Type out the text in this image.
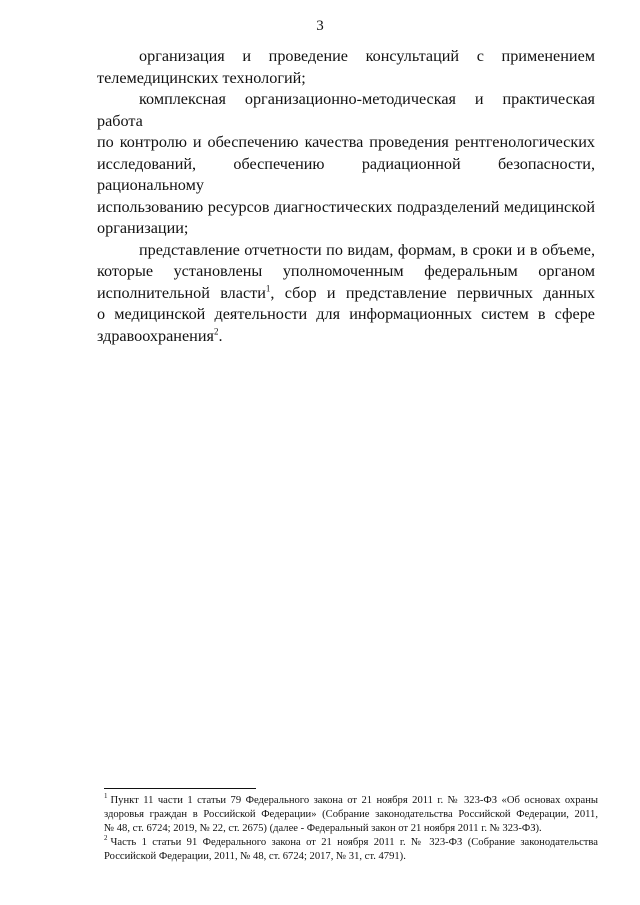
3
организация и проведение консультаций с применением
телемедицинских технологий;
комплексная организационно-методическая и практическая работа
по контролю и обеспечению качества проведения рентгенологических
исследований, обеспечению радиационной безопасности, рациональному
использованию ресурсов диагностических подразделений медицинской
организации;
представление отчетности по видам, формам, в сроки и в объеме,
которые установлены уполномоченным федеральным органом
исполнительной власти$^1$, сбор и представление первичных данных
о медицинской деятельности для информационных систем в сфере
здравоохранения$^2$.
$^1$ Пункт 11 части 1 статьи 79 Федерального закона от 21 ноября 2011 г. № 323-ФЗ «Об основах охраны
здоровья граждан в Российской Федерации» (Собрание законодательства Российской Федерации, 2011,
№ 48, ст. 6724; 2019, № 22, ст. 2675) (далее - Федеральный закон от 21 ноября 2011 г. № 323-ФЗ).
$^2$ Часть 1 статьи 91 Федерального закона от 21 ноября 2011 г. № 323-ФЗ (Собрание законодательства
Российской Федерации, 2011, № 48, ст. 6724; 2017, № 31, ст. 4791).
